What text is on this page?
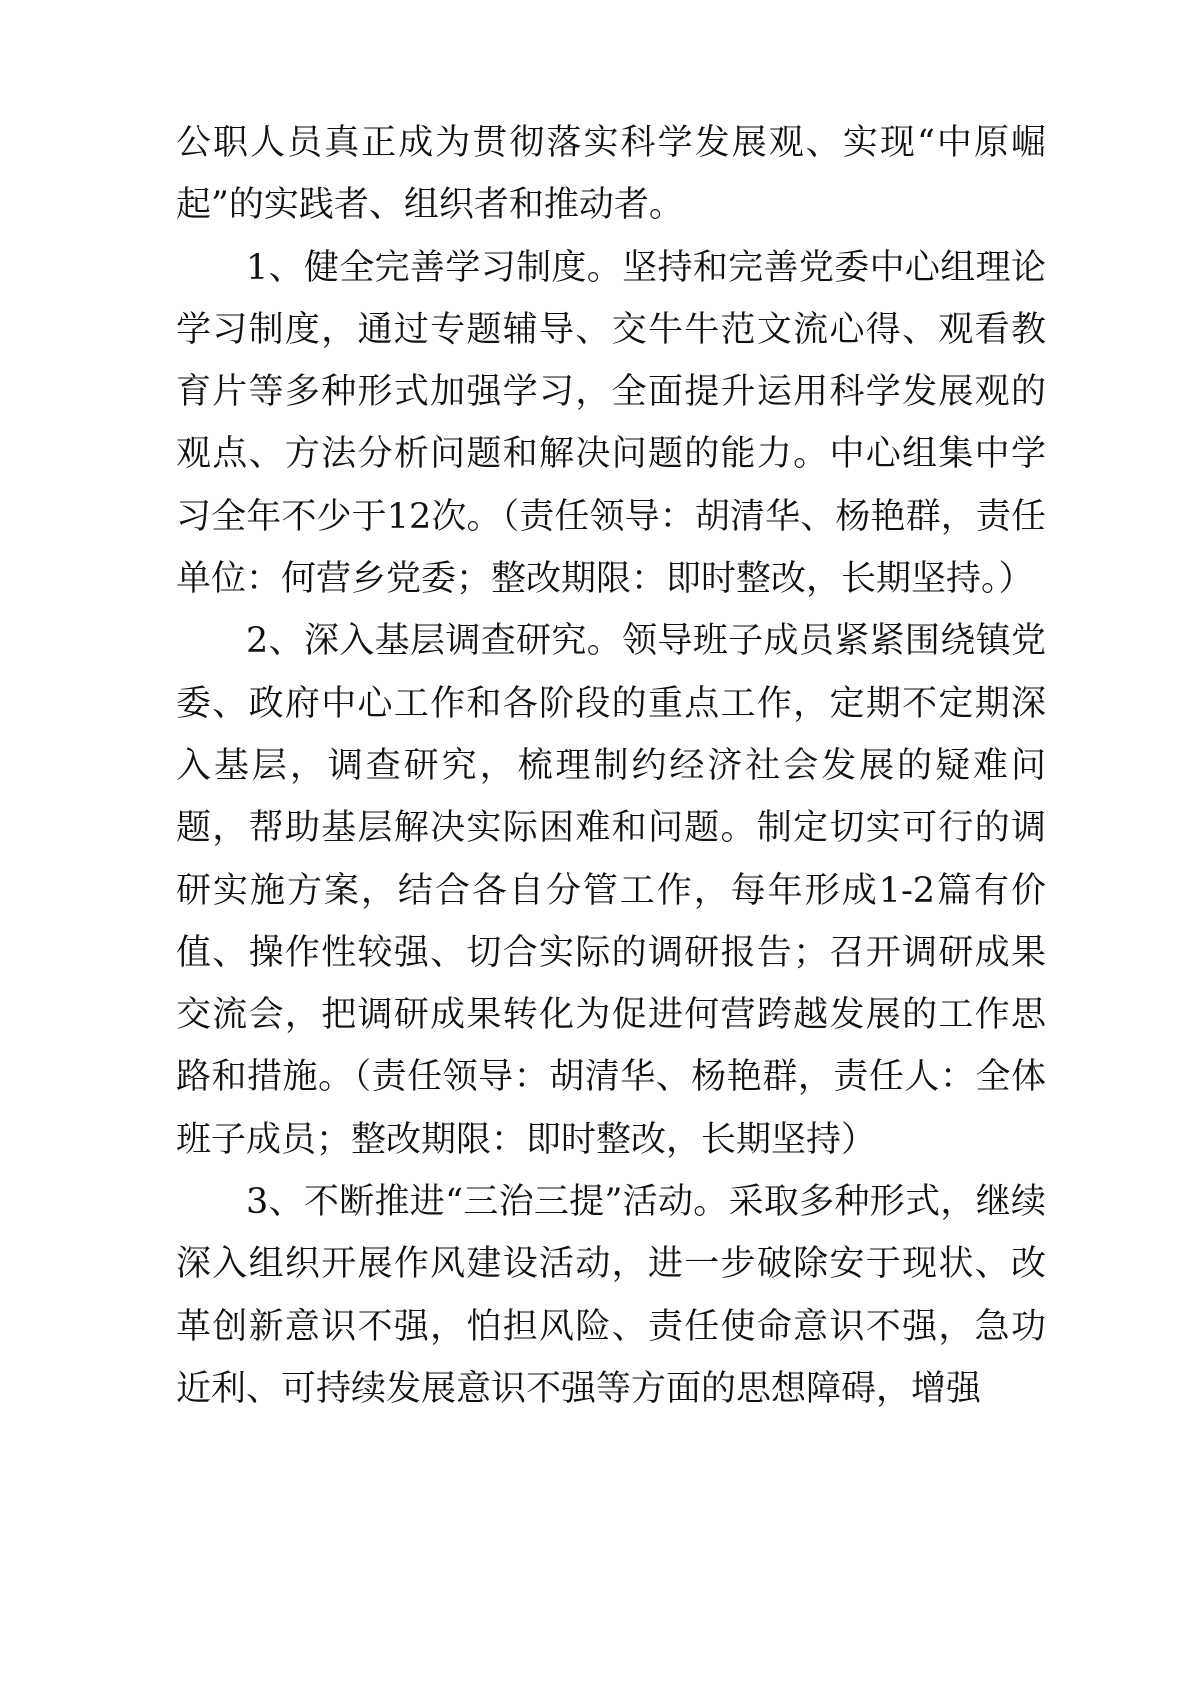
公职人员真正成为贯彻落实科学发展观、实现“中原崛起”的实践者、组织者和推动者。

1、健全完善学习制度。坚持和完善党委中心组理论学习制度，通过专题辅导、交牛牛范文流心得、观看教育片等多种形式加强学习，全面提升运用科学发展观的观点、方法分析问题和解决问题的能力。中心组集中学习全年不少于12次。（责任领导：胡清华、杨艳群，责任单位：何营乡党委；整改期限：即时整改，长期坚持。）

2、深入基层调查研究。领导班子成员紧紧围绕镇党委、政府中心工作和各阶段的重点工作，定期不定期深入基层，调查研究，梳理制约经济社会发展的疑难问题，帮助基层解决实际困难和问题。制定切实可行的调研实施方案，结合各自分管工作，每年形成1-2篇有价值、操作性较强、切合实际的调研报告；召开调研成果交流会，把调研成果转化为促进何营跨越发展的工作思路和措施。（责任领导：胡清华、杨艳群，责任人：全体班子成员；整改期限：即时整改，长期坚持）

3、不断推进“三治三提”活动。采取多种形式，继续深入组织开展作风建设活动，进一步破除安于现状、改革创新意识不强，怕担风险、责任使命意识不强，急功近利、可持续发展意识不强等方面的思想障碍，增强
